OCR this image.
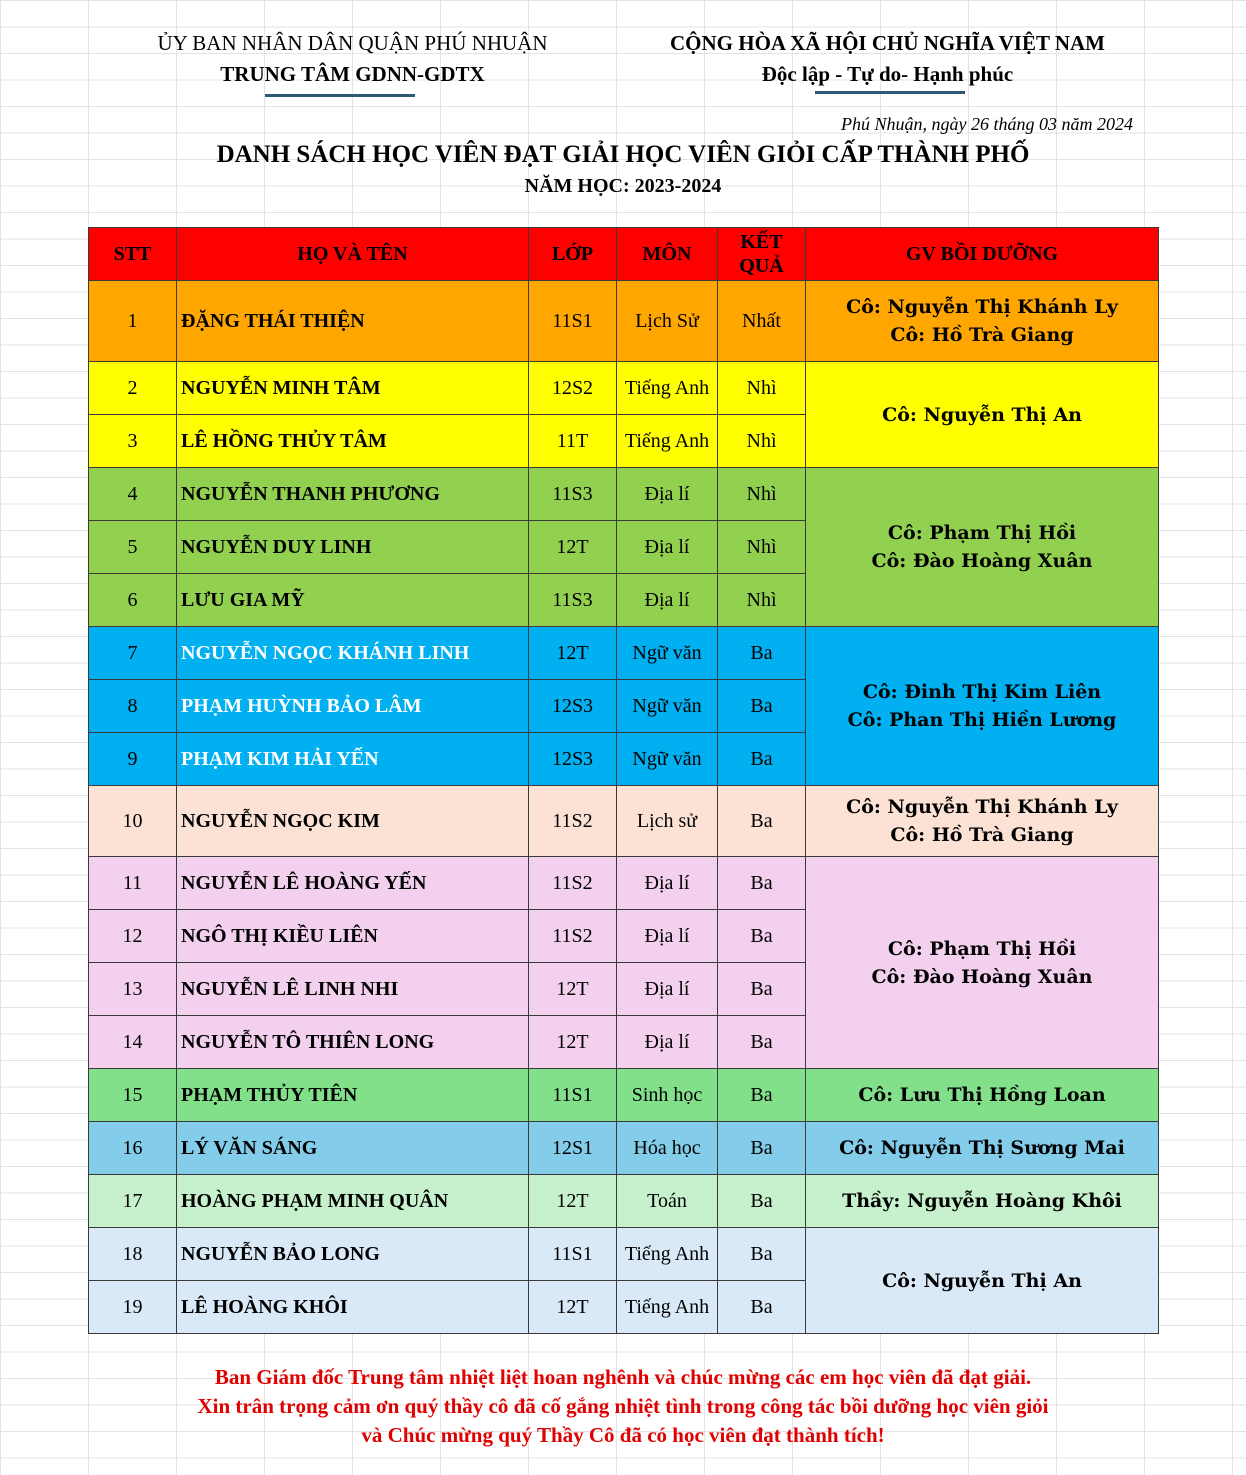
ỦY BAN NHÂN DÂN QUẬN PHÚ NHUẬN
TRUNG TÂM GDNN-GDTX
CỘNG HÒA XÃ HỘI CHỦ NGHĨA VIỆT NAM
Độc lập - Tự do- Hạnh phúc
Phú Nhuận, ngày 26 tháng 03 năm 2024
DANH SÁCH HỌC VIÊN ĐẠT GIẢI HỌC VIÊN GIỎI CẤP THÀNH PHỐ
NĂM HỌC: 2023-2024
STT	HỌ VÀ TÊN	LỚP	MÔN	KẾT QUẢ	GV BỒI DƯỠNG
1	ĐẶNG THÁI THIỆN	11S1	Lịch Sử	Nhất	Cô: Nguyễn Thị Khánh Ly
Cô: Hồ Trà Giang

2	NGUYỄN MINH TÂM	12S2	Tiếng Anh	Nhì	Cô: Nguyễn Thị An

3	LÊ HỒNG THỦY TÂM	11T	Tiếng Anh	Nhì	
4	NGUYỄN THANH PHƯƠNG	11S3	Địa lí	Nhì	Cô: Phạm Thị Hồi
Cô: Đào Hoàng Xuân

5	NGUYỄN DUY LINH	12T	Địa lí	Nhì	
6	LƯU GIA MỸ	11S3	Địa lí	Nhì	
7	NGUYỄN NGỌC KHÁNH LINH	12T	Ngữ văn	Ba	Cô: Đinh Thị Kim Liên
Cô: Phan Thị Hiền Lương

8	PHẠM HUỲNH BẢO LÂM	12S3	Ngữ văn	Ba	
9	PHẠM KIM HẢI YẾN	12S3	Ngữ văn	Ba	
10	NGUYỄN NGỌC KIM	11S2	Lịch sử	Ba	Cô: Nguyễn Thị Khánh Ly
Cô: Hồ Trà Giang

11	NGUYỄN LÊ HOÀNG YẾN	11S2	Địa lí	Ba	Cô: Phạm Thị Hồi
Cô: Đào Hoàng Xuân

12	NGÔ THỊ KIỀU LIÊN	11S2	Địa lí	Ba	
13	NGUYỄN LÊ LINH NHI	12T	Địa lí	Ba	
14	NGUYỄN TÔ THIÊN LONG	12T	Địa lí	Ba	
15	PHẠM THỦY TIÊN	11S1	Sinh học	Ba	Cô: Lưu Thị Hồng Loan

16	LÝ VĂN SÁNG	12S1	Hóa học	Ba	Cô: Nguyễn Thị Sương Mai

17	HOÀNG PHẠM MINH QUÂN	12T	Toán	Ba	Thầy: Nguyễn Hoàng Khôi

18	NGUYỄN BẢO LONG	11S1	Tiếng Anh	Ba	Cô: Nguyễn Thị An

19	LÊ HOÀNG KHÔI	12T	Tiếng Anh	Ba	
Ban Giám đốc Trung tâm nhiệt liệt hoan nghênh và chúc mừng các em học viên đã đạt giải.
Xin trân trọng cảm ơn quý thầy cô đã cố gắng nhiệt tình trong công tác bồi dưỡng học viên giỏi
và Chúc mừng quý Thầy Cô đã có học viên đạt thành tích!
